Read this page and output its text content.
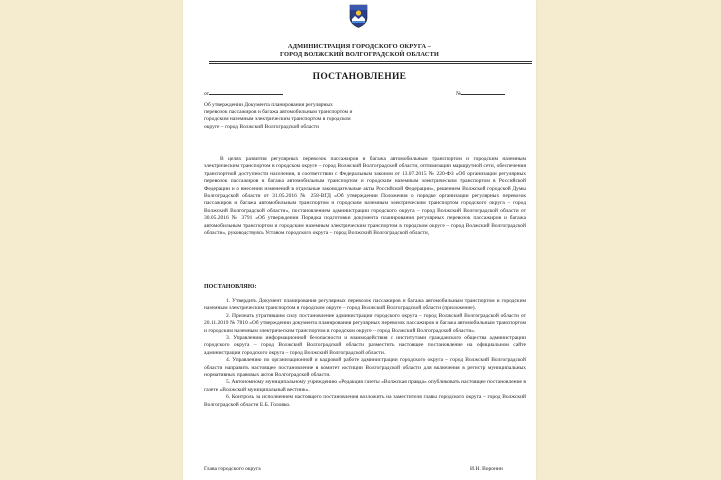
АДМИНИСТРАЦИЯ ГОРОДСКОГО ОКРУГА –
ГОРОД ВОЛЖСКИЙ ВОЛГОГРАДСКОЙ ОБЛАСТИ
ПОСТАНОВЛЕНИЕ
от	№
Об утверждении Документа планирования регулярных перевозок пассажиров и багажа автомобильным транспортом и городским наземным электрическим транспортом в городском округе – город Волжский Волгоградской области
В целях развития регулярных перевозок пассажиров и багажа автомобильным транспортом и городским наземным электрическим транспортом в городском округе – город Волжский Волгоградской области, оптимизации маршрутной сети, обеспечения транспортной доступности населения, в соответствии с Федеральным законом от 13.07.2015 № 220-ФЗ «Об организации регулярных перевозок пассажиров и багажа автомобильным транспортом и городским наземным электрическим транспортом в Российской Федерации и о внесении изменений в отдельные законодательные акты Российской Федерации», решением Волжской городской Думы Волгоградской области от 31.05.2016 № 258-ВГД «Об утверждении Положения о порядке организации регулярных перевозок пассажиров и багажа автомобильным транспортом и городским наземным электрическим транспортом городского округа – город Волжский Волгоградской области», постановлением администрации городского округа – город Волжский Волгоградской области от 30.05.2016 № 3791 «Об утверждении Порядка подготовки документа планирования регулярных перевозок пассажиров и багажа автомобильным транспортом и городским наземным электрическим транспортом в городском округе – город Волжский Волгоградской области», руководствуясь Уставом городского округа – город Волжский Волгоградской области,
ПОСТАНОВЛЯЮ:

1. Утвердить Документ планирования регулярных перевозок пассажиров и багажа автомобильным транспортом и городским наземным электрическим транспортом в городском округе – город Волжский Волгоградской области (приложение).

2. Признать утратившим силу постановление администрации городского округа – город Волжский Волгоградской области от 20.11.2019 № 7810 «Об утверждении документа планирования регулярных перевозок пассажиров и багажа автомобильным транспортом и городским наземным электрическим транспортом в городском округе – город Волжский Волгоградской области».

3. Управлению информационной безопасности и взаимодействия с институтами гражданского общества администрации городского округа – город Волжский Волгоградской области разместить настоящее постановление на официальном сайте администрации городского округа – город Волжский Волгоградской области.

4. Управлению по организационной и кадровой работе администрации городского округа – город Волжский Волгоградской области направить настоящее постановление в комитет юстиции Волгоградской области для включения в регистр муниципальных нормативных правовых актов Волгоградской области.

5. Автономному муниципальному учреждению «Редакция газеты «Волжская правда» опубликовать настоящее постановление в газете «Волжский муниципальный вестник».

6. Контроль за исполнением настоящего постановления возложить на заместителя главы городского округа – город Волжский Волгоградской области Е.Б. Головко.

Глава городского округа	И.Н. Воронин
